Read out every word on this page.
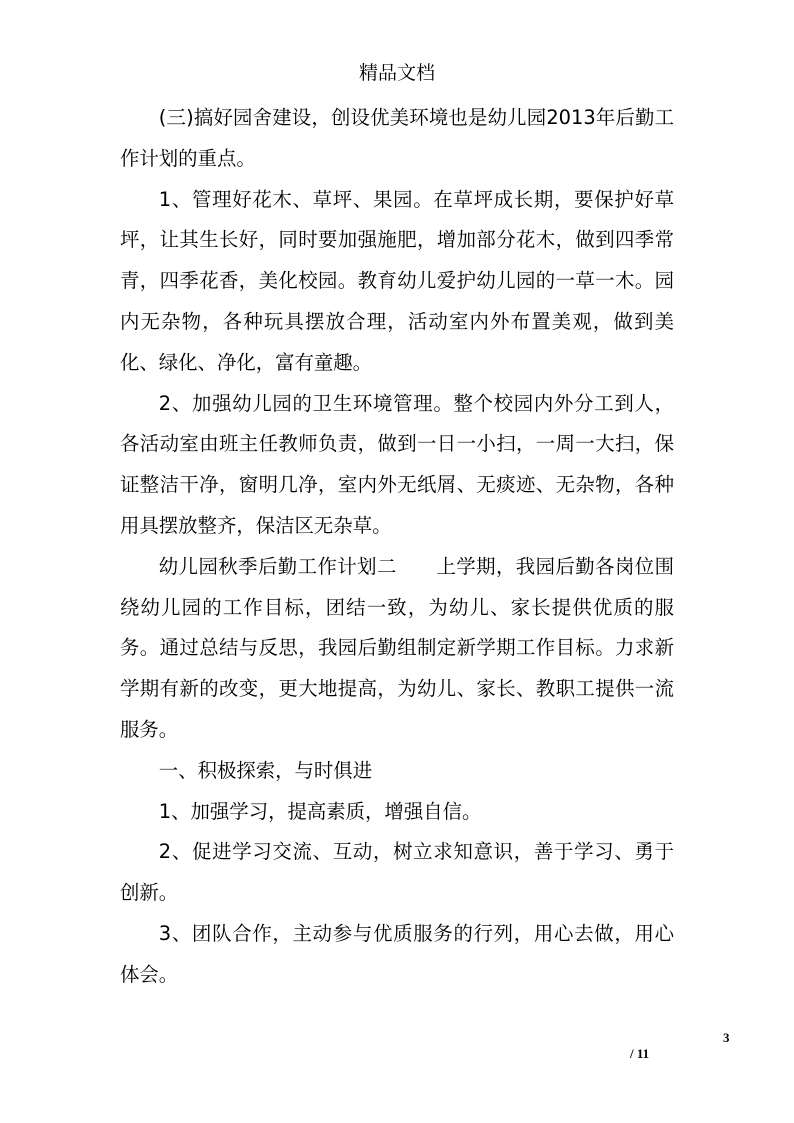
精品文档

(三)搞好园舍建设，创设优美环境也是幼儿园2013年后勤工作计划的重点。

1、管理好花木、草坪、果园。在草坪成长期，要保护好草坪，让其生长好，同时要加强施肥，增加部分花木，做到四季常青，四季花香，美化校园。教育幼儿爱护幼儿园的一草一木。园内无杂物，各种玩具摆放合理，活动室内外布置美观，做到美化、绿化、净化，富有童趣。

2、加强幼儿园的卫生环境管理。整个校园内外分工到人，各活动室由班主任教师负责，做到一日一小扫，一周一大扫，保证整洁干净，窗明几净，室内外无纸屑、无痰迹、无杂物，各种用具摆放整齐，保洁区无杂草。

幼儿园秋季后勤工作计划二　　上学期，我园后勤各岗位围绕幼儿园的工作目标，团结一致，为幼儿、家长提供优质的服务。通过总结与反思，我园后勤组制定新学期工作目标。力求新学期有新的改变，更大地提高，为幼儿、家长、教职工提供一流服务。

一、积极探索，与时俱进

1、加强学习，提高素质，增强自信。

2、促进学习交流、互动，树立求知意识，善于学习、勇于创新。

3、团队合作，主动参与优质服务的行列，用心去做，用心体会。

3
/ 11
